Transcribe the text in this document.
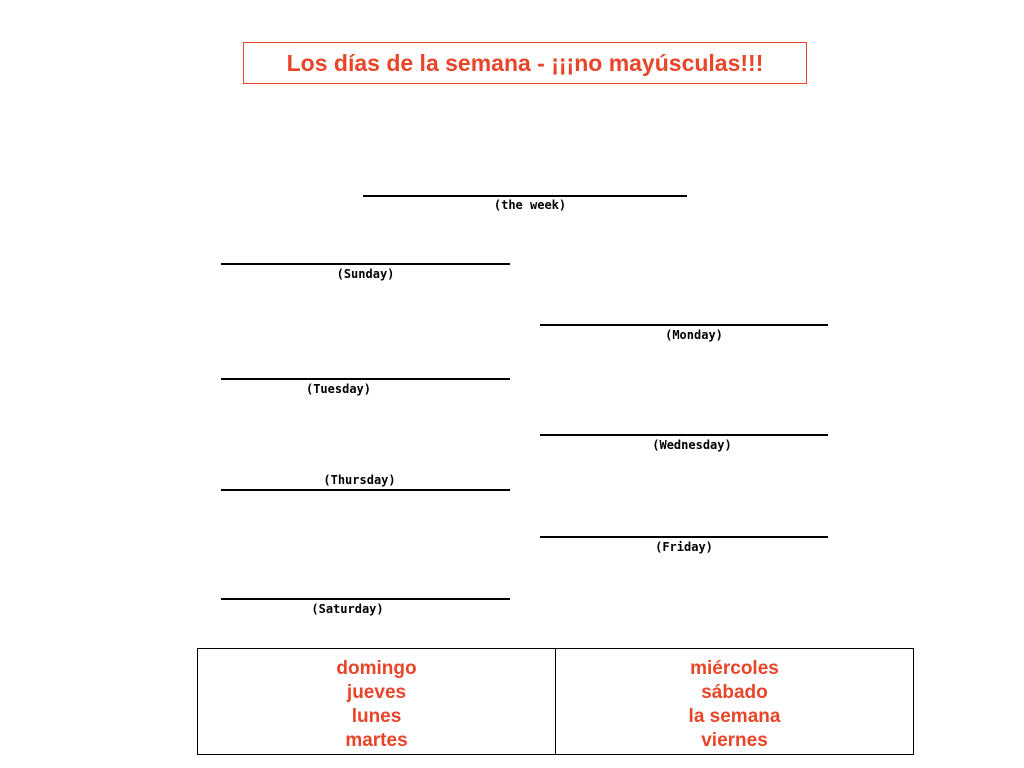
Los días de la semana - ¡¡¡no mayúsculas!!!
(the week)
(Sunday)
(Monday)
(Tuesday)
(Wednesday)
(Thursday)
(Friday)
(Saturday)
domingo
jueves
lunes
martes
miércoles
sábado
la semana
viernes
